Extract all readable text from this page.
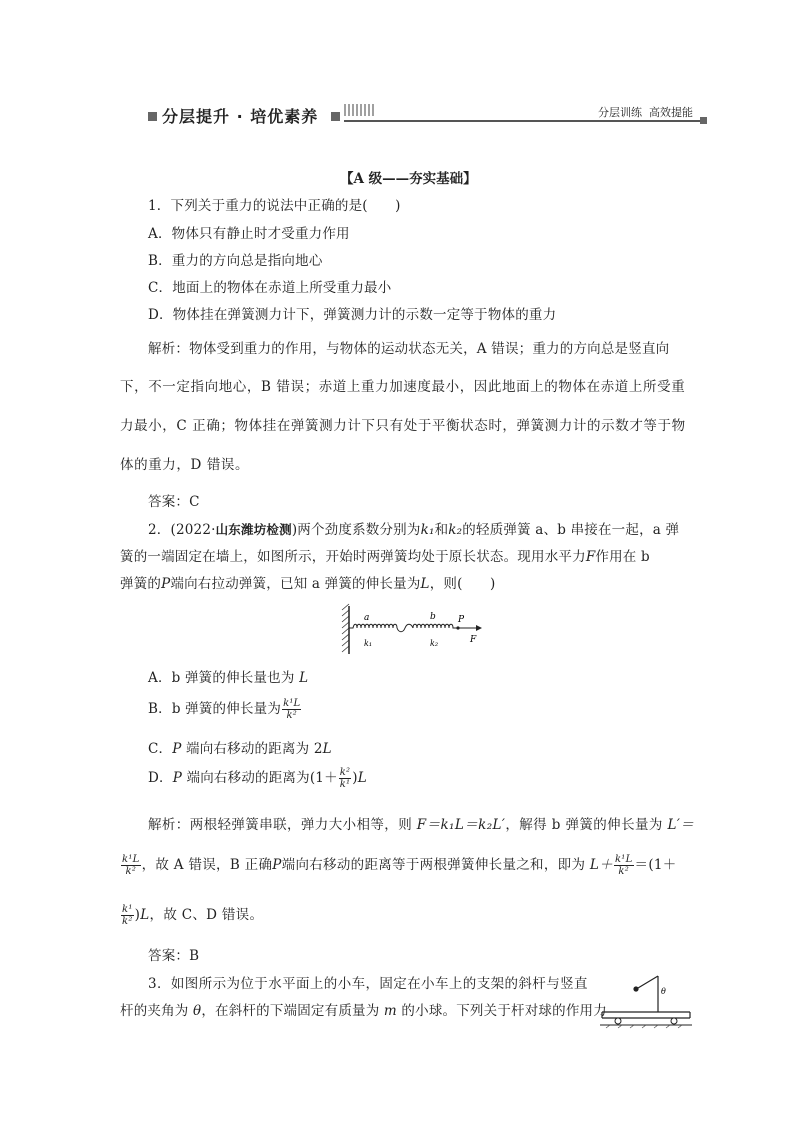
分层提升 · 培优素养	分层训练  高效提能
【A 级——夯实基础】
1．下列关于重力的说法中正确的是(　　)
A．物体只有静止时才受重力作用
B．重力的方向总是指向地心
C．地面上的物体在赤道上所受重力最小
D．物体挂在弹簧测力计下，弹簧测力计的示数一定等于物体的重力
解析：物体受到重力的作用，与物体的运动状态无关，A 错误；重力的方向总是竖直向
下，不一定指向地心，B 错误；赤道上重力加速度最小，因此地面上的物体在赤道上所受重
力最小，C 正确；物体挂在弹簧测力计下只有处于平衡状态时，弹簧测力计的示数才等于物
体的重力，D 错误。
答案：C
2．(2022·山东潍坊检测)两个劲度系数分别为k₁和k₂的轻质弹簧 a、b 串接在一起，a 弹
簧的一端固定在墙上，如图所示，开始时两弹簧均处于原长状态。现用水平力F作用在 b
弹簧的P端向右拉动弹簧，已知 a 弹簧的伸长量为L，则(　　)
a	b P
F
k₁	k₂
A．b 弹簧的伸长量也为 L
B．b 弹簧的伸长量为 $\frac{\text{k¹L}}{\text{k²}}$
C．P 端向右移动的距离为 2L
D．P 端向右移动的距离为$(1+ \frac{\text{k²}}{\text{k¹}} )L$
解析：两根轻弹簧串联，弹力大小相等，则 F＝k₁L＝k₂L′，解得 b 弹簧的伸长量为 L′＝
$\frac{\text{k¹L}}{\text{k²}}$ ，故 A 错误，B 正确P端向右移动的距离等于两根弹簧伸长量之和，即为 $L+ \frac{\text{k¹L}}{\text{k²}} =(1+$
$\frac{\text{k¹}}{\text{k²}} )L$，故 C、D 错误。
答案：B
3．如图所示为位于水平面上的小车，固定在小车上的支架的斜杆与竖直
杆的夹角为 θ，在斜杆的下端固定有质量为 m 的小球。下列关于杆对球的作用力
θ
